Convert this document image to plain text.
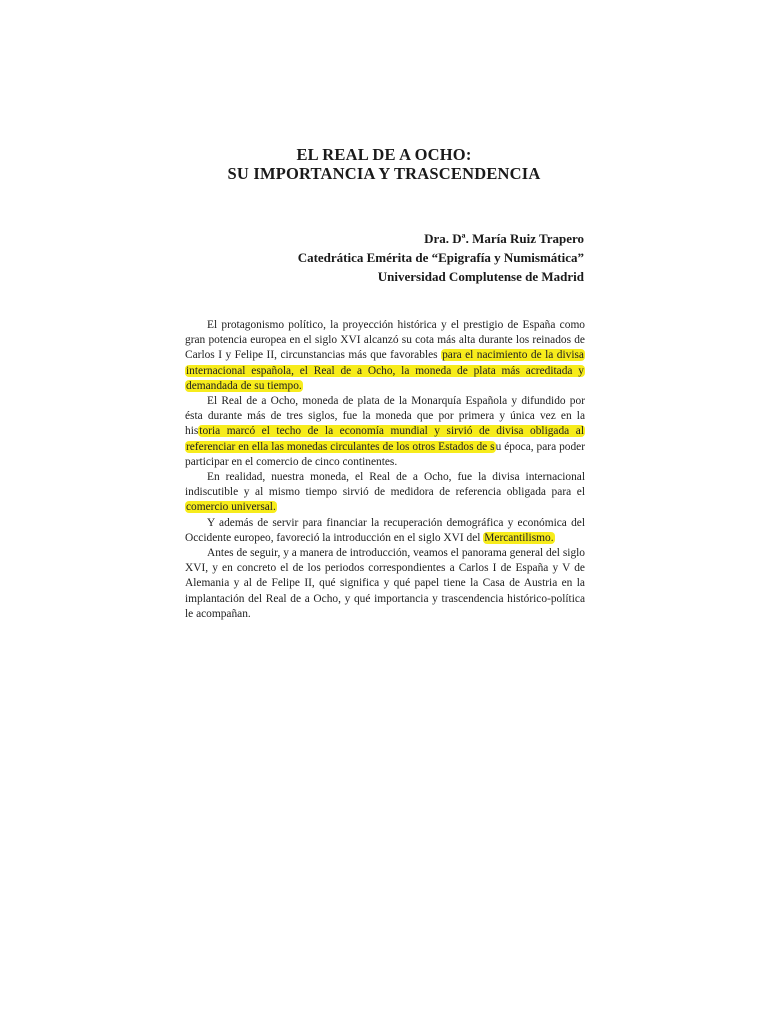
EL REAL DE A OCHO:
SU IMPORTANCIA Y TRASCENDENCIA
Dra. Dª. María Ruiz Trapero
Catedrática Emérita de “Epigrafía y Numismática”
Universidad Complutense de Madrid

El protagonismo político, la proyección histórica y el prestigio de España como gran potencia europea en el siglo XVI alcanzó su cota más alta durante los reinados de Carlos I y Felipe II, circunstancias más que favorables para el nacimiento de la divisa internacional española, el Real de a Ocho, la moneda de plata más acreditada y demandada de su tiempo.

El Real de a Ocho, moneda de plata de la Monarquía Española y difundido por ésta durante más de tres siglos, fue la moneda que por primera y única vez en la historia marcó el techo de la economía mundial y sirvió de divisa obligada al referenciar en ella las monedas circulantes de los otros Estados de su época, para poder participar en el comercio de cinco continentes.

En realidad, nuestra moneda, el Real de a Ocho, fue la divisa internacional indiscutible y al mismo tiempo sirvió de medidora de referencia obligada para el comercio universal.

Y además de servir para financiar la recuperación demográfica y económica del Occidente europeo, favoreció la introducción en el siglo XVI del Mercantilismo.

Antes de seguir, y a manera de introducción, veamos el panorama general del siglo XVI, y en concreto el de los periodos correspondientes a Carlos I de España y V de Alemania y al de Felipe II, qué significa y qué papel tiene la Casa de Austria en la implantación del Real de a Ocho, y qué importancia y trascendencia histórico-política le acompañan.
